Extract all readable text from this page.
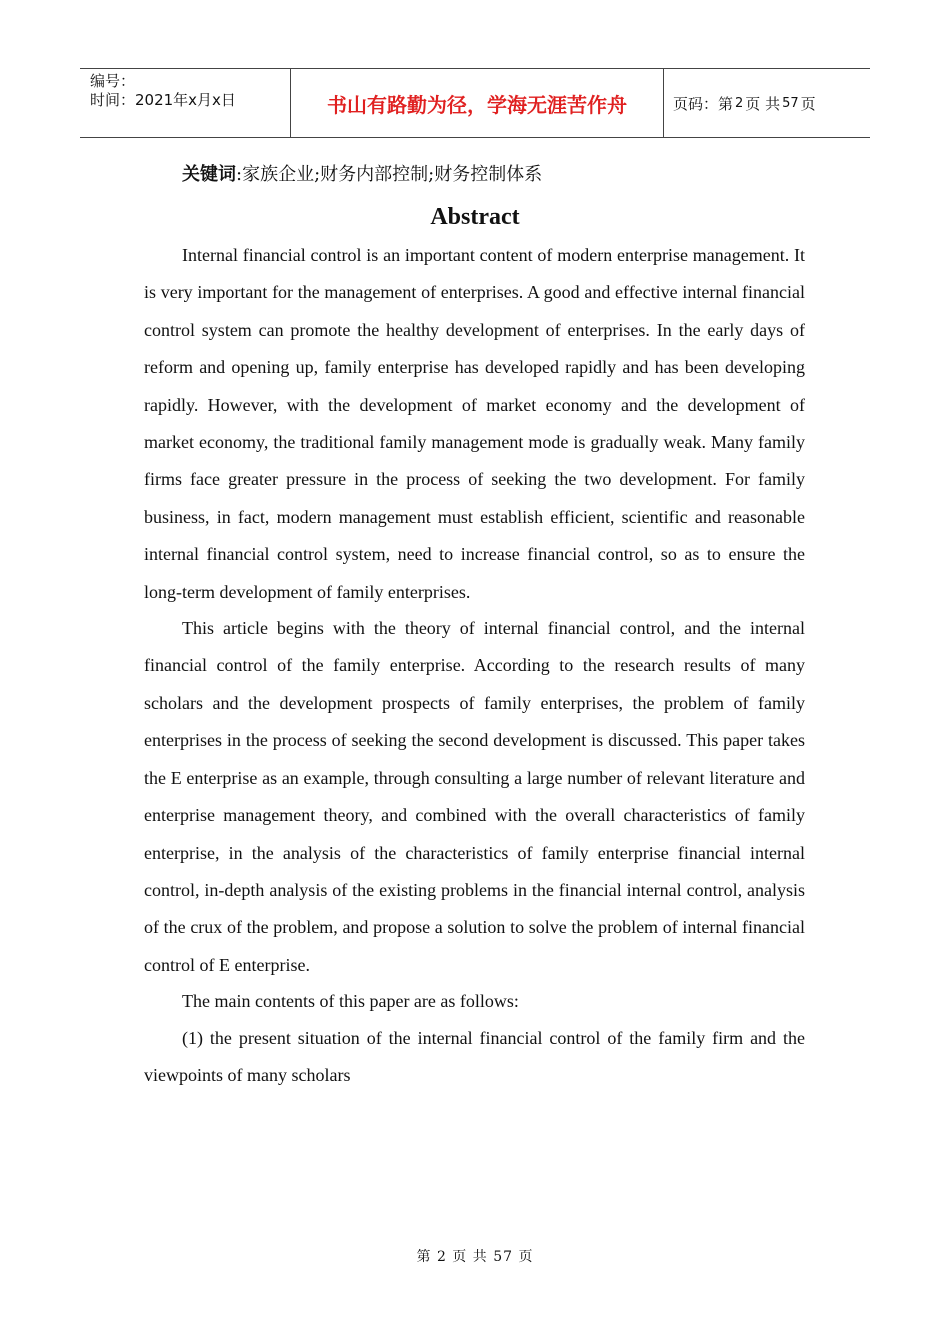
编号：
时间：2021年x月x日	书山有路勤为径，学海无涯苦作舟	页码：第 2 页 共 57 页
关键词:家族企业;财务内部控制;财务控制体系
Abstract

Internal financial control is an important content of modern enterprise management. It is very important for the management of enterprises. A good and effective internal financial control system can promote the healthy development of enterprises. In the early days of reform and opening up, family enterprise has developed rapidly and has been developing rapidly. However, with the development of market economy and the development of market economy, the traditional family management mode is gradually weak. Many family firms face greater pressure in the process of seeking the two development. For family business, in fact, modern management must establish efficient, scientific and reasonable internal financial control system, need to increase financial control, so as to ensure the long-term development of family enterprises.

This article begins with the theory of internal financial control, and the internal financial control of the family enterprise. According to the research results of many scholars and the development prospects of family enterprises, the problem of family enterprises in the process of seeking the second development is discussed. This paper takes the E enterprise as an example, through consulting a large number of relevant literature and enterprise management theory, and combined with the overall characteristics of family enterprise, in the analysis of the characteristics of family enterprise financial internal control, in-depth analysis of the existing problems in the financial internal control, analysis of the crux of the problem, and propose a solution to solve the problem of internal financial control of E enterprise.

The main contents of this paper are as follows:

(1) the present situation of the internal financial control of the family firm and the viewpoints of many scholars

第 2 页 共 57 页
